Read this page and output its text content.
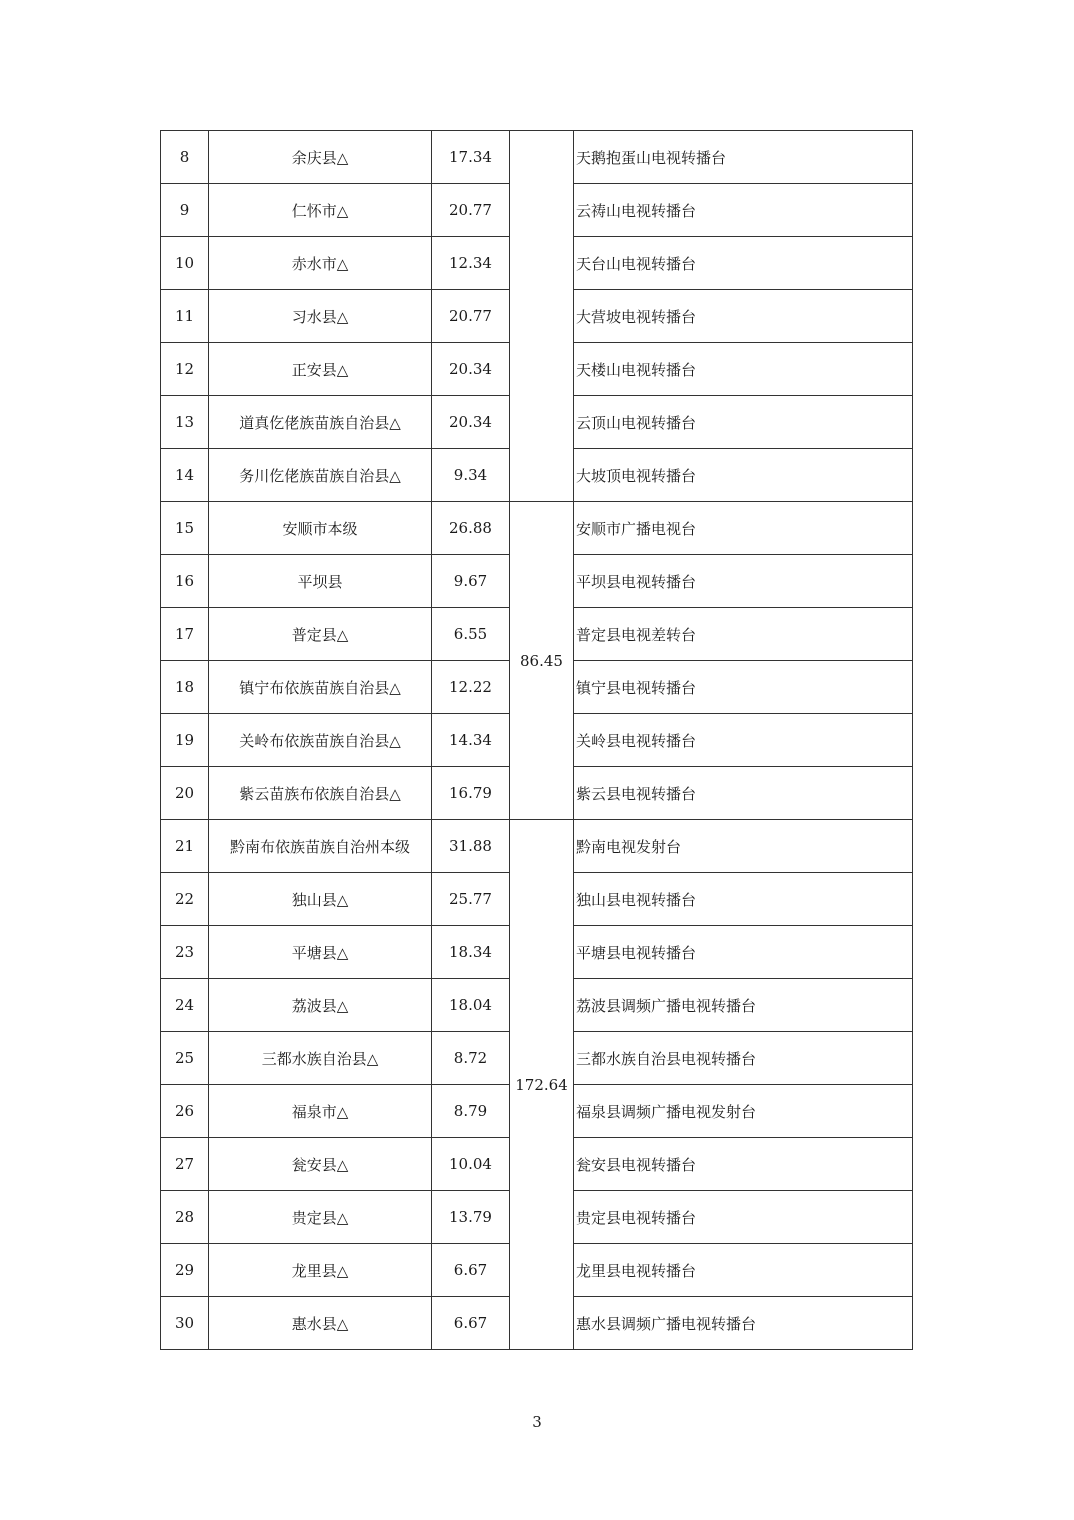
8	余庆县△	17.34		天鹅抱蛋山电视转播台
9	仁怀市△	20.77		云祷山电视转播台
10	赤水市△	12.34		天台山电视转播台
11	习水县△	20.77		大营坡电视转播台
12	正安县△	20.34		天楼山电视转播台
13	道真仡佬族苗族自治县△	20.34		云顶山电视转播台
14	务川仡佬族苗族自治县△	9.34		大坡顶电视转播台
15	安顺市本级	26.88	86.45	安顺市广播电视台
16	平坝县	9.67		平坝县电视转播台
17	普定县△	6.55		普定县电视差转台
18	镇宁布依族苗族自治县△	12.22		镇宁县电视转播台
19	关岭布依族苗族自治县△	14.34		关岭县电视转播台
20	紫云苗族布依族自治县△	16.79		紫云县电视转播台
21	黔南布依族苗族自治州本级	31.88	172.64	黔南电视发射台
22	独山县△	25.77		独山县电视转播台
23	平塘县△	18.34		平塘县电视转播台
24	荔波县△	18.04		荔波县调频广播电视转播台
25	三都水族自治县△	8.72		三都水族自治县电视转播台
26	福泉市△	8.79		福泉县调频广播电视发射台
27	瓮安县△	10.04		瓮安县电视转播台
28	贵定县△	13.79		贵定县电视转播台
29	龙里县△	6.67		龙里县电视转播台
30	惠水县△	6.67		惠水县调频广播电视转播台
3
